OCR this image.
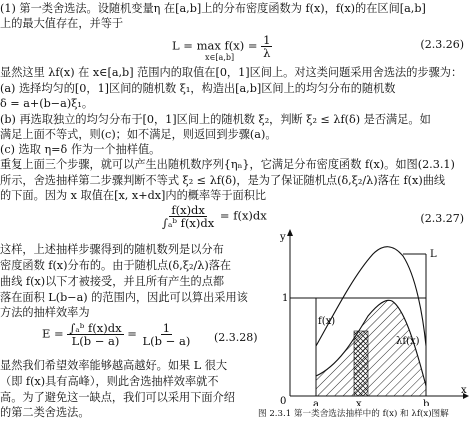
(1) 第一类舍选法。设随机变量η 在[a,b]上的分布密度函数为 f(x)，f(x)的在区间[a,b]
上的最大值存在，并等于
$L = \max f(x) = \frac{1}{\lambda}$
x∈[a,b]
(2.3.26)
显然这里 λf(x) 在 x∈[a,b] 范围内的取值在[0，1]区间上。对这类问题采用舍选法的步骤为：
(a) 选择均匀的[0，1]区间的随机数 ξ₁，构造出[a,b]区间上的均匀分布的随机数
δ = a+(b−a)ξ₁。
(b) 再选取独立的均匀分布于[0，1]区间上的随机数 ξ₂，判断 ξ₂ ≤ λf(δ) 是否满足。如
满足上面不等式，则(c)；如不满足，则返回到步骤(a)。
(c) 选取 η=δ 作为一个抽样值。
重复上面三个步骤，就可以产生出随机数序列{ηₙ}，它满足分布密度函数 f(x)。如图(2.3.1)
所示，舍选抽样第二步骤判断不等式 ξ₂ ≤ λf(δ)，是为了保证随机点(δ,ξ₂/λ)落在 f(x)曲线
的下面。因为 x 取值在[x, x+dx]内的概率等于面积比
$\frac{f(x)dx}{\text{∫ₐᵇ f(x)dx}} = f(x)dx$	(2.3.27)
这样，上述抽样步骤得到的随机数列是以分布
密度函数 f(x)分布的。由于随机点(δ,ξ₂/λ)落在
曲线 f(x)以下才被接受，并且所有产生的点都
落在面积 L(b−a) 的范围内，因此可以算出采用该
方法的抽样效率为
$E = \frac{\text{∫ₐᵇ f(x)dx}}{L(b - a)} = \frac{1}{L(b - a)} (2.3.28)$
显然我们希望效率能够越高越好。如果 L 很大
（即 f(x)具有高峰），则此舍选抽样效率就不
高。为了避免这一缺点，我们可以采用下面介绍
的第二类舍选法。
y
x
0
1
L
f(x)
λf(x)
a	x	b
图 2.3.1 第一类舍选法抽样中的 f(x) 和 λf(x)图解
